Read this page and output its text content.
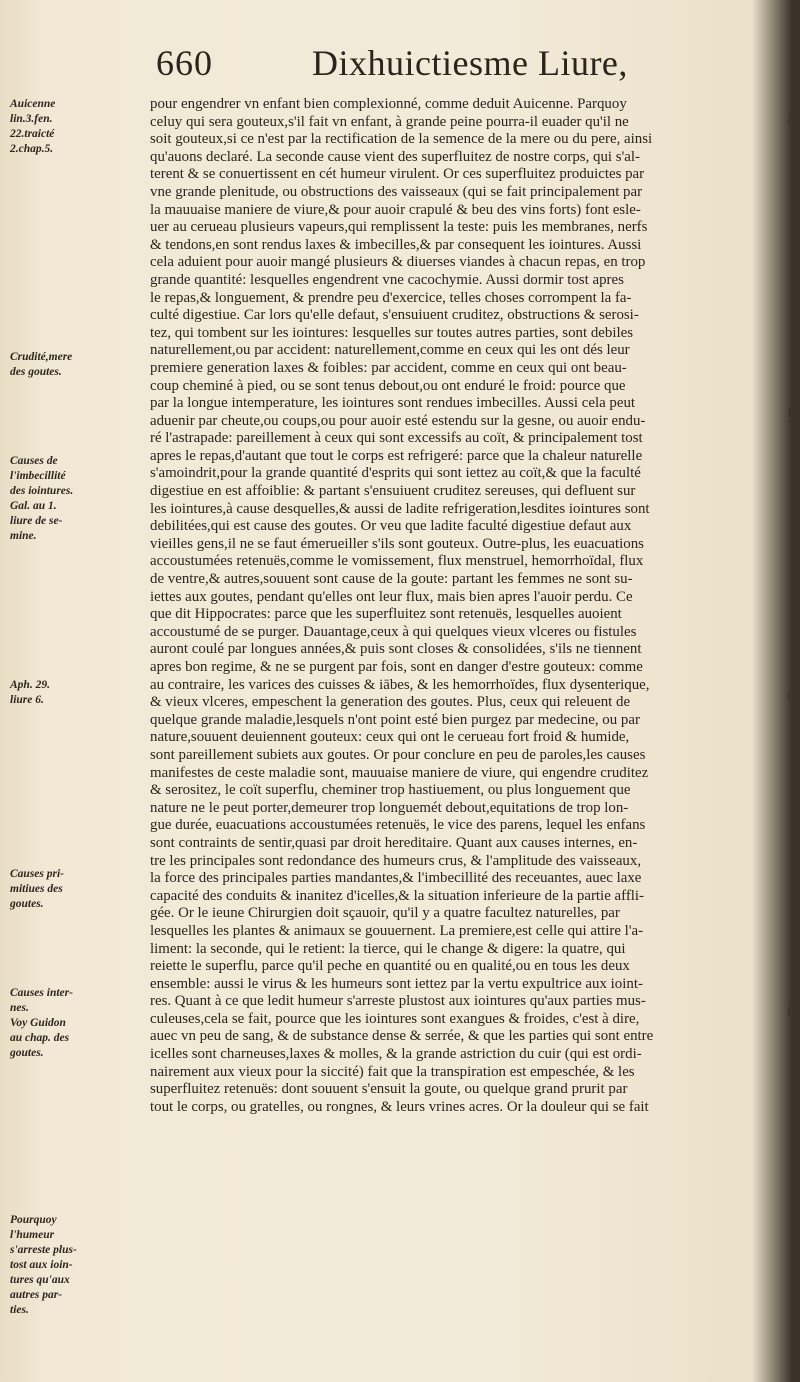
660	Dixhuictiesme Liure,
Auicenne
lin.3.fen.
22.traicté
2.chap.5.
Crudité,mere
des goutes.
Causes de
l'imbecillité
des iointures.
Gal. au 1.
liure de se-
mine.
Aph. 29.
liure 6.
Causes pri-
mitiues des
goutes.
Causes inter-
nes.
Voy Guidon
au chap. des
goutes.
Pourquoy
l'humeur
s'arreste plus-
tost aux ioin-
tures qu'aux
autres par-
ties.
A
B
C
D
pour engendrer vn enfant bien complexionné, comme deduit Auicenne. Parquoy
celuy qui sera gouteux,s'il fait vn enfant, à grande peine pourra-il euader qu'il ne
soit gouteux,si ce n'est par la rectification de la semence de la mere ou du pere, ainsi
qu'auons declaré. La seconde cause vient des superfluitez de nostre corps, qui s'al-
terent & se conuertissent en cét humeur virulent. Or ces superfluitez produictes par
vne grande plenitude, ou obstructions des vaisseaux (qui se fait principalement par
la mauuaise maniere de viure,& pour auoir crapulé & beu des vins forts) font esle-
uer au cerueau plusieurs vapeurs,qui remplissent la teste: puis les membranes, nerfs
& tendons,en sont rendus laxes & imbecilles,& par consequent les iointures. Aussi
cela aduient pour auoir mangé plusieurs & diuerses viandes à chacun repas, en trop
grande quantité: lesquelles engendrent vne cacochymie. Aussi dormir tost apres
le repas,& longuement, & prendre peu d'exercice, telles choses corrompent la fa-
culté digestiue. Car lors qu'elle defaut, s'ensuiuent cruditez, obstructions & serosi-
tez, qui tombent sur les iointures: lesquelles sur toutes autres parties, sont debiles
naturellement,ou par accident: naturellement,comme en ceux qui les ont dés leur
premiere generation laxes & foibles: par accident, comme en ceux qui ont beau-
coup cheminé à pied, ou se sont tenus debout,ou ont enduré le froid: pource que
par la longue intemperature, les iointures sont rendues imbecilles. Aussi cela peut
aduenir par cheute,ou coups,ou pour auoir esté estendu sur la gesne, ou auoir endu-
ré l'astrapade: pareillement à ceux qui sont excessifs au coït, & principalement tost
apres le repas,d'autant que tout le corps est refrigeré: parce que la chaleur naturelle
s'amoindrit,pour la grande quantité d'esprits qui sont iettez au coït,& que la faculté
digestiue en est affoiblie: & partant s'ensuiuent cruditez sereuses, qui defluent sur
les iointures,à cause desquelles,& aussi de ladite refrigeration,lesdites iointures sont
debilitées,qui est cause des goutes. Or veu que ladite faculté digestiue defaut aux
vieilles gens,il ne se faut émerueiller s'ils sont gouteux. Outre-plus, les euacuations
accoustumées retenuës,comme le vomissement, flux menstruel, hemorrhoïdal, flux
de ventre,& autres,souuent sont cause de la goute: partant les femmes ne sont su-
iettes aux goutes, pendant qu'elles ont leur flux, mais bien apres l'auoir perdu. Ce
que dit Hippocrates: parce que les superfluitez sont retenuës, lesquelles auoient
accoustumé de se purger. Dauantage,ceux à qui quelques vieux vlceres ou fistules
auront coulé par longues années,& puis sont closes & consolidées, s'ils ne tiennent
apres bon regime, & ne se purgent par fois, sont en danger d'estre gouteux: comme
au contraire, les varices des cuisses & iābes, & les hemorrhoïdes, flux dysenterique,
& vieux vlceres, empeschent la generation des goutes. Plus, ceux qui releuent de
quelque grande maladie,lesquels n'ont point esté bien purgez par medecine, ou par
nature,souuent deuiennent gouteux: ceux qui ont le cerueau fort froid & humide,
sont pareillement subiets aux goutes. Or pour conclure en peu de paroles,les causes
manifestes de ceste maladie sont, mauuaise maniere de viure, qui engendre cruditez
& serositez, le coït superflu, cheminer trop hastiuement, ou plus longuement que
nature ne le peut porter,demeurer trop longuemét debout,equitations de trop lon-
gue durée, euacuations accoustumées retenuës, le vice des parens, lequel les enfans
sont contraints de sentir,quasi par droit hereditaire. Quant aux causes internes, en-
tre les principales sont redondance des humeurs crus, & l'amplitude des vaisseaux,
la force des principales parties mandantes,& l'imbecillité des receuantes, auec laxe
capacité des conduits & inanitez d'icelles,& la situation inferieure de la partie affli-
gée. Or le ieune Chirurgien doit sçauoir, qu'il y a quatre facultez naturelles, par
lesquelles les plantes & animaux se gouuernent. La premiere,est celle qui attire l'a-
liment: la seconde, qui le retient: la tierce, qui le change & digere: la quatre, qui
reiette le superflu, parce qu'il peche en quantité ou en qualité,ou en tous les deux
ensemble: aussi le virus & les humeurs sont iettez par la vertu expultrice aux ioint-
res. Quant à ce que ledit humeur s'arreste plustost aux iointures qu'aux parties mus-
culeuses,cela se fait, pource que les iointures sont exangues & froides, c'est à dire,
auec vn peu de sang, & de substance dense & serrée, & que les parties qui sont entre
icelles sont charneuses,laxes & molles, & la grande astriction du cuir (qui est ordi-
nairement aux vieux pour la siccité) fait que la transpiration est empeschée, & les
superfluitez retenuës: dont souuent s'ensuit la goute, ou quelque grand prurit par
tout le corps, ou gratelles, ou rongnes, & leurs vrines acres. Or la douleur qui se fait
